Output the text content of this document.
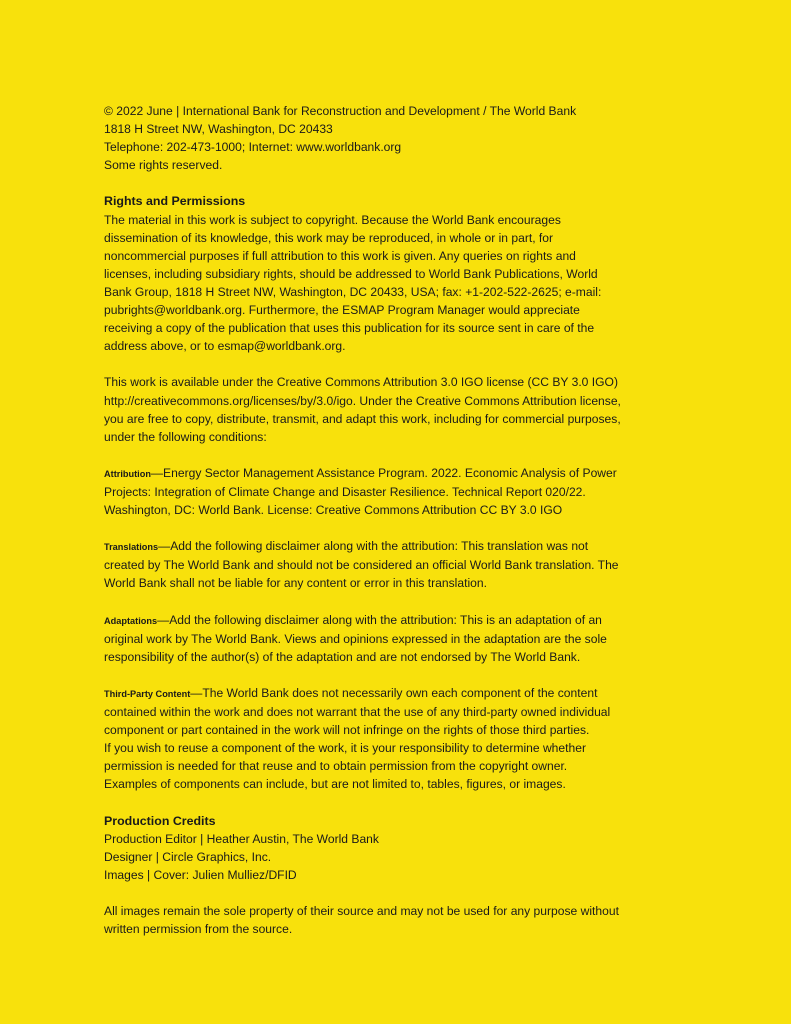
© 2022 June | International Bank for Reconstruction and Development / The World Bank
1818 H Street NW, Washington, DC 20433
Telephone: 202-473-1000; Internet: www.worldbank.org
Some rights reserved.
Rights and Permissions
The material in this work is subject to copyright. Because the World Bank encourages
dissemination of its knowledge, this work may be reproduced, in whole or in part, for
noncommercial purposes if full attribution to this work is given. Any queries on rights and
licenses, including subsidiary rights, should be addressed to World Bank Publications, World
Bank Group, 1818 H Street NW, Washington, DC 20433, USA; fax: +1-202-522-2625; e-mail:
pubrights@worldbank.org. Furthermore, the ESMAP Program Manager would appreciate
receiving a copy of the publication that uses this publication for its source sent in care of the
address above, or to esmap@worldbank.org.
This work is available under the Creative Commons Attribution 3.0 IGO license (CC BY 3.0 IGO)
http://creativecommons.org/licenses/by/3.0/igo. Under the Creative Commons Attribution license,
you are free to copy, distribute, transmit, and adapt this work, including for commercial purposes,
under the following conditions:
Attribution—Energy Sector Management Assistance Program. 2022. Economic Analysis of Power
Projects: Integration of Climate Change and Disaster Resilience. Technical Report 020/22.
Washington, DC: World Bank. License: Creative Commons Attribution CC BY 3.0 IGO
Translations—Add the following disclaimer along with the attribution: This translation was not
created by The World Bank and should not be considered an official World Bank translation. The
World Bank shall not be liable for any content or error in this translation.
Adaptations—Add the following disclaimer along with the attribution: This is an adaptation of an
original work by The World Bank. Views and opinions expressed in the adaptation are the sole
responsibility of the author(s) of the adaptation and are not endorsed by The World Bank.
Third-Party Content—The World Bank does not necessarily own each component of the content
contained within the work and does not warrant that the use of any third-party owned individual
component or part contained in the work will not infringe on the rights of those third parties.
If you wish to reuse a component of the work, it is your responsibility to determine whether
permission is needed for that reuse and to obtain permission from the copyright owner.
Examples of components can include, but are not limited to, tables, figures, or images.
Production Credits
Production Editor | Heather Austin, The World Bank
Designer | Circle Graphics, Inc.
Images | Cover: Julien Mulliez/DFID
All images remain the sole property of their source and may not be used for any purpose without
written permission from the source.
